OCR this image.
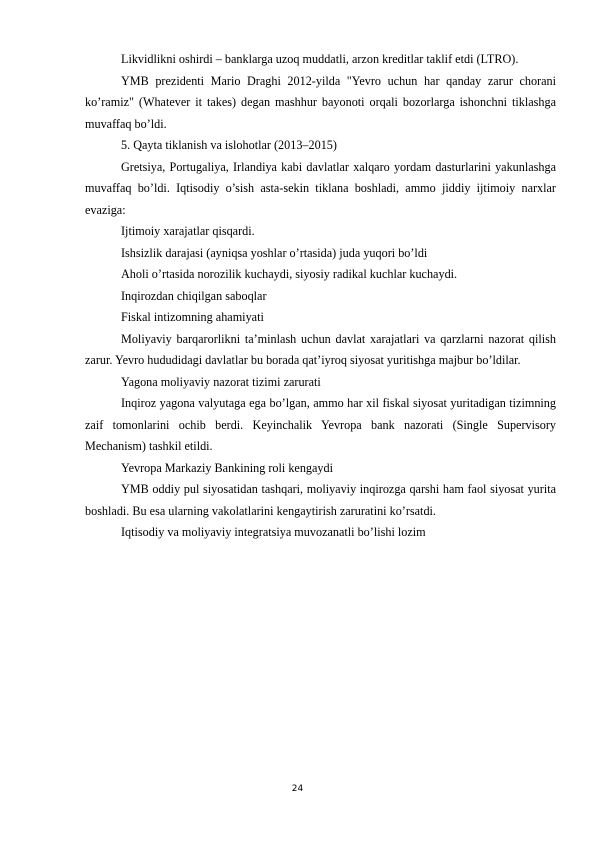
Likvidlikni oshirdi – banklarga uzoq muddatli, arzon kreditlar taklif etdi (LTRO).

YMB prezidenti Mario Draghi 2012-yilda "Yevro uchun har qanday zarur chorani ko’ramiz" (Whatever it takes) degan mashhur bayonoti orqali bozorlarga ishonchni tiklashga muvaffaq bo’ldi.

5. Qayta tiklanish va islohotlar (2013–2015)

Gretsiya, Portugaliya, Irlandiya kabi davlatlar xalqaro yordam dasturlarini yakunlashga muvaffaq bo’ldi. Iqtisodiy o’sish asta-sekin tiklana boshladi, ammo jiddiy ijtimoiy narxlar evaziga:

Ijtimoiy xarajatlar qisqardi.

Ishsizlik darajasi (ayniqsa yoshlar o’rtasida) juda yuqori bo’ldi

Aholi o’rtasida norozilik kuchaydi, siyosiy radikal kuchlar kuchaydi.

Inqirozdan chiqilgan saboqlar

Fiskal intizomning ahamiyati

Moliyaviy barqarorlikni ta’minlash uchun davlat xarajatlari va qarzlarni nazorat qilish zarur. Yevro hududidagi davlatlar bu borada qat’iyroq siyosat yuritishga majbur bo’ldilar.

Yagona moliyaviy nazorat tizimi zarurati

Inqiroz yagona valyutaga ega bo’lgan, ammo har xil fiskal siyosat yuritadigan tizimning zaif tomonlarini ochib berdi. Keyinchalik Yevropa bank nazorati (Single Supervisory Mechanism) tashkil etildi.

Yevropa Markaziy Bankining roli kengaydi

YMB oddiy pul siyosatidan tashqari, moliyaviy inqirozga qarshi ham faol siyosat yurita boshladi. Bu esa ularning vakolatlarini kengaytirish zaruratini ko’rsatdi.

Iqtisodiy va moliyaviy integratsiya muvozanatli bo’lishi lozim

24
